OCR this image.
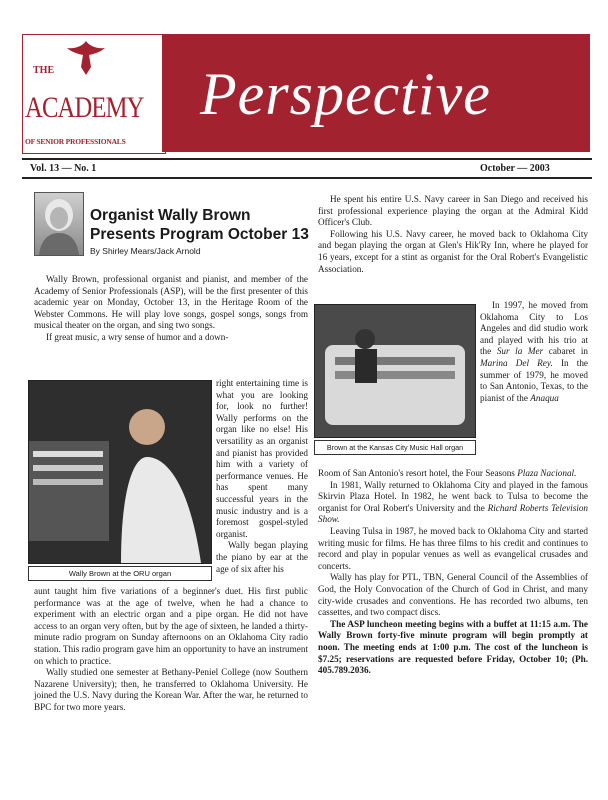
THE
ACADEMY
OF SENIOR PROFESSIONALS
Perspective
Vol. 13 — No. 1	October — 2003
Organist Wally Brown Presents Program October 13
By Shirley Mears/Jack Arnold

Wally Brown, professional organist and pianist, and member of the Academy of Senior Professionals (ASP), will be the first presenter of this academic year on Monday, October 13, in the Heritage Room of the Webster Commons. He will play love songs, gospel songs, songs from musical theater on the organ, and sing two songs.

If great music, a wry sense of humor and a down-

Wally Brown at the ORU organ

right entertaining time is what you are looking for, look no further! Wally performs on the organ like no else! His versatility as an organist and pianist has provided him with a variety of performance venues. He has spent many successful years in the music industry and is a foremost gospel-styled organist.

Wally began playing the piano by ear at the age of six after his

aunt taught him five variations of a beginner's duet. His first public performance was at the age of twelve, when he had a chance to experiment with an electric organ and a pipe organ. He did not have access to an organ very often, but by the age of sixteen, he landed a thirty-minute radio program on Sunday afternoons on an Oklahoma City radio station. This radio program gave him an opportunity to have an instrument on which to practice.

Wally studied one semester at Bethany-Peniel College (now Southern Nazarene University); then, he transferred to Oklahoma University. He joined the U.S. Navy during the Korean War. After the war, he returned to BPC for two more years.

He spent his entire U.S. Navy career in San Diego and received his first professional experience playing the organ at the Admiral Kidd Officer's Club.

Following his U.S. Navy career, he moved back to Oklahoma City and began playing the organ at Glen's Hik'Ry Inn, where he played for 16 years, except for a stint as organist for the Oral Robert's Evangelistic Association.

Brown at the Kansas City Music Hall organ

In 1997, he moved from Oklahoma City to Los Angeles and did studio work and played with his trio at the Sur la Mer cabaret in Marina Del Rey. In the summer of 1979, he moved to San Antonio, Texas, to the pianist of the Anaqua

Room of San Antonio's resort hotel, the Four Seasons Plaza Nacional.

In 1981, Wally returned to Oklahoma City and played in the famous Skirvin Plaza Hotel. In 1982, he went back to Tulsa to become the organist for Oral Robert's University and the Richard Roberts Television Show.

Leaving Tulsa in 1987, he moved back to Oklahoma City and started writing music for films. He has three films to his credit and continues to record and play in popular venues as well as evangelical crusades and concerts.

Wally has play for PTL, TBN, General Council of the Assemblies of God, the Holy Convocation of the Church of God in Christ, and many city-wide crusades and conventions. He has recorded two albums, ten cassettes, and two compact discs.

The ASP luncheon meeting begins with a buffet at 11:15 a.m. The Wally Brown forty-five minute program will begin promptly at noon. The meeting ends at 1:00 p.m. The cost of the luncheon is $7.25; reservations are requested before Friday, October 10; (Ph. 405.789.2036.
